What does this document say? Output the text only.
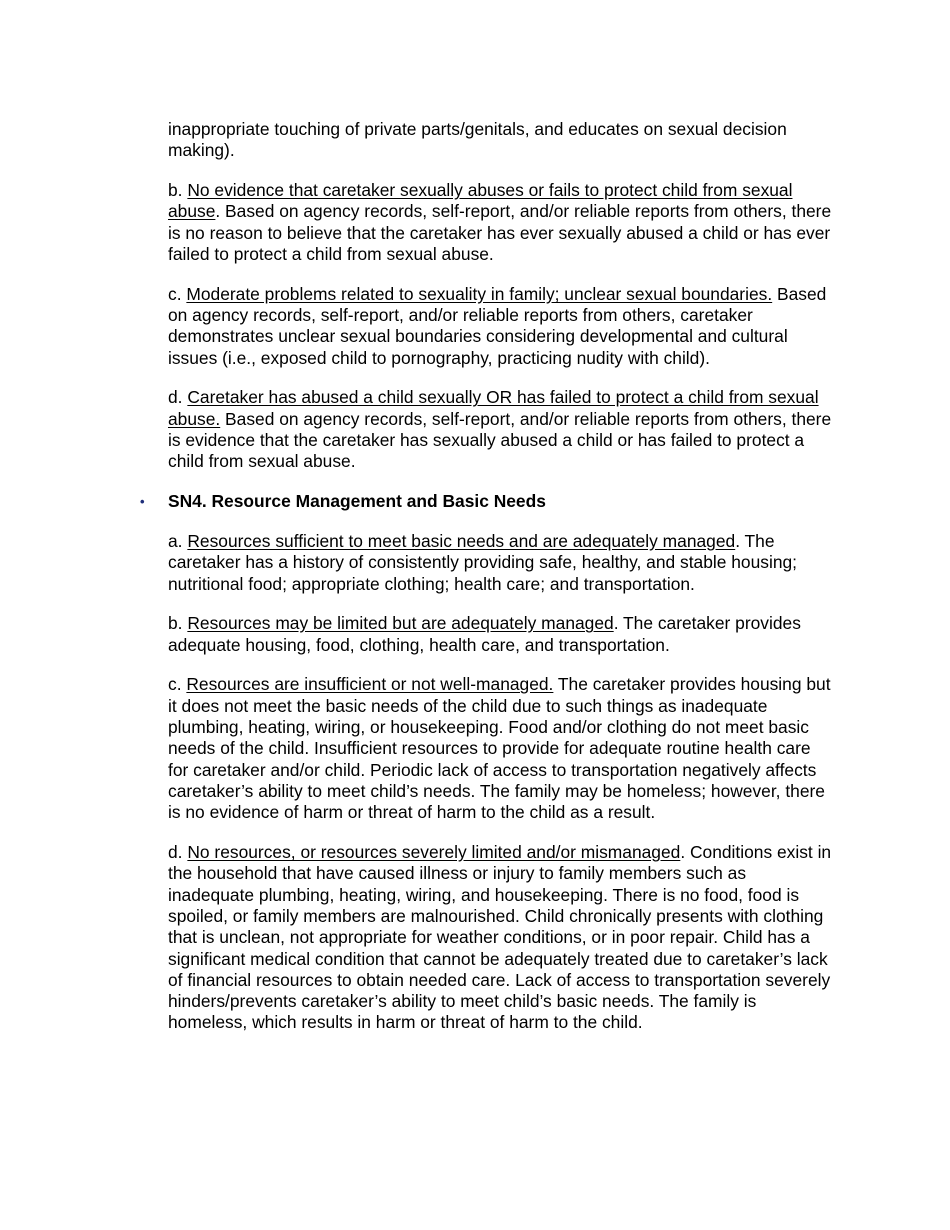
inappropriate touching of private parts/genitals, and educates on sexual decision making).

b. No evidence that caretaker sexually abuses or fails to protect child from sexual abuse. Based on agency records, self-report, and/or reliable reports from others, there is no reason to believe that the caretaker has ever sexually abused a child or has ever failed to protect a child from sexual abuse.

c. Moderate problems related to sexuality in family; unclear sexual boundaries. Based on agency records, self-report, and/or reliable reports from others, caretaker demonstrates unclear sexual boundaries considering developmental and cultural issues (i.e., exposed child to pornography, practicing nudity with child).

d. Caretaker has abused a child sexually OR has failed to protect a child from sexual abuse. Based on agency records, self-report, and/or reliable reports from others, there is evidence that the caretaker has sexually abused a child or has failed to protect a child from sexual abuse.

• SN4. Resource Management and Basic Needs

a. Resources sufficient to meet basic needs and are adequately managed. The caretaker has a history of consistently providing safe, healthy, and stable housing; nutritional food; appropriate clothing; health care; and transportation.

b. Resources may be limited but are adequately managed. The caretaker provides adequate housing, food, clothing, health care, and transportation.

c. Resources are insufficient or not well-managed. The caretaker provides housing but it does not meet the basic needs of the child due to such things as inadequate plumbing, heating, wiring, or housekeeping. Food and/or clothing do not meet basic needs of the child. Insufficient resources to provide for adequate routine health care for caretaker and/or child. Periodic lack of access to transportation negatively affects caretaker’s ability to meet child’s needs. The family may be homeless; however, there is no evidence of harm or threat of harm to the child as a result.

d. No resources, or resources severely limited and/or mismanaged. Conditions exist in the household that have caused illness or injury to family members such as inadequate plumbing, heating, wiring, and housekeeping. There is no food, food is spoiled, or family members are malnourished. Child chronically presents with clothing that is unclean, not appropriate for weather conditions, or in poor repair. Child has a significant medical condition that cannot be adequately treated due to caretaker’s lack of financial resources to obtain needed care. Lack of access to transportation severely hinders/prevents caretaker’s ability to meet child’s basic needs. The family is homeless, which results in harm or threat of harm to the child.
